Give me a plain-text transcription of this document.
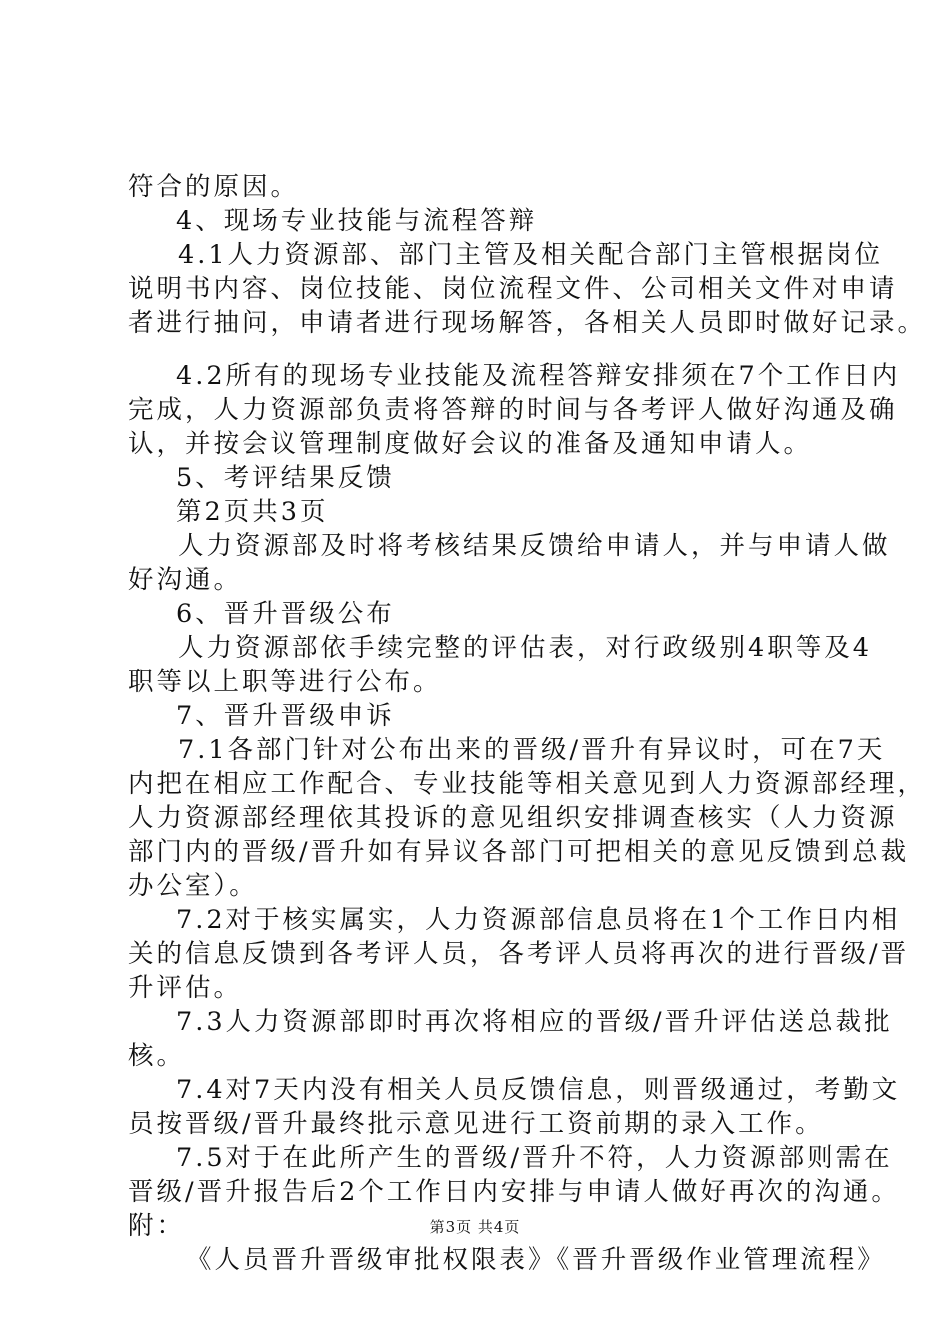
符合的原因。
4、现场专业技能与流程答辩
4.1人力资源部、部门主管及相关配合部门主管根据岗位
说明书内容、岗位技能、岗位流程文件、公司相关文件对申请
者进行抽问，申请者进行现场解答，各相关人员即时做好记录。
4.2所有的现场专业技能及流程答辩安排须在7个工作日内
完成，人力资源部负责将答辩的时间与各考评人做好沟通及确
认，并按会议管理制度做好会议的准备及通知申请人。
5、考评结果反馈
第2页共3页
人力资源部及时将考核结果反馈给申请人，并与申请人做
好沟通。
6、晋升晋级公布
人力资源部依手续完整的评估表，对行政级别4职等及4
职等以上职等进行公布。
7、晋升晋级申诉
7.1各部门针对公布出来的晋级/晋升有异议时，可在7天
内把在相应工作配合、专业技能等相关意见到人力资源部经理，
人力资源部经理依其投诉的意见组织安排调查核实（人力资源
部门内的晋级/晋升如有异议各部门可把相关的意见反馈到总裁
办公室）。
7.2对于核实属实，人力资源部信息员将在1个工作日内相
关的信息反馈到各考评人员，各考评人员将再次的进行晋级/晋
升评估。
7.3人力资源部即时再次将相应的晋级/晋升评估送总裁批
核。
7.4对7天内没有相关人员反馈信息，则晋级通过，考勤文
员按晋级/晋升最终批示意见进行工资前期的录入工作。
7.5对于在此所产生的晋级/晋升不符，人力资源部则需在
晋级/晋升报告后2个工作日内安排与申请人做好再次的沟通。
附：
《人员晋升晋级审批权限表》《晋升晋级作业管理流程》
第3页 共4页
